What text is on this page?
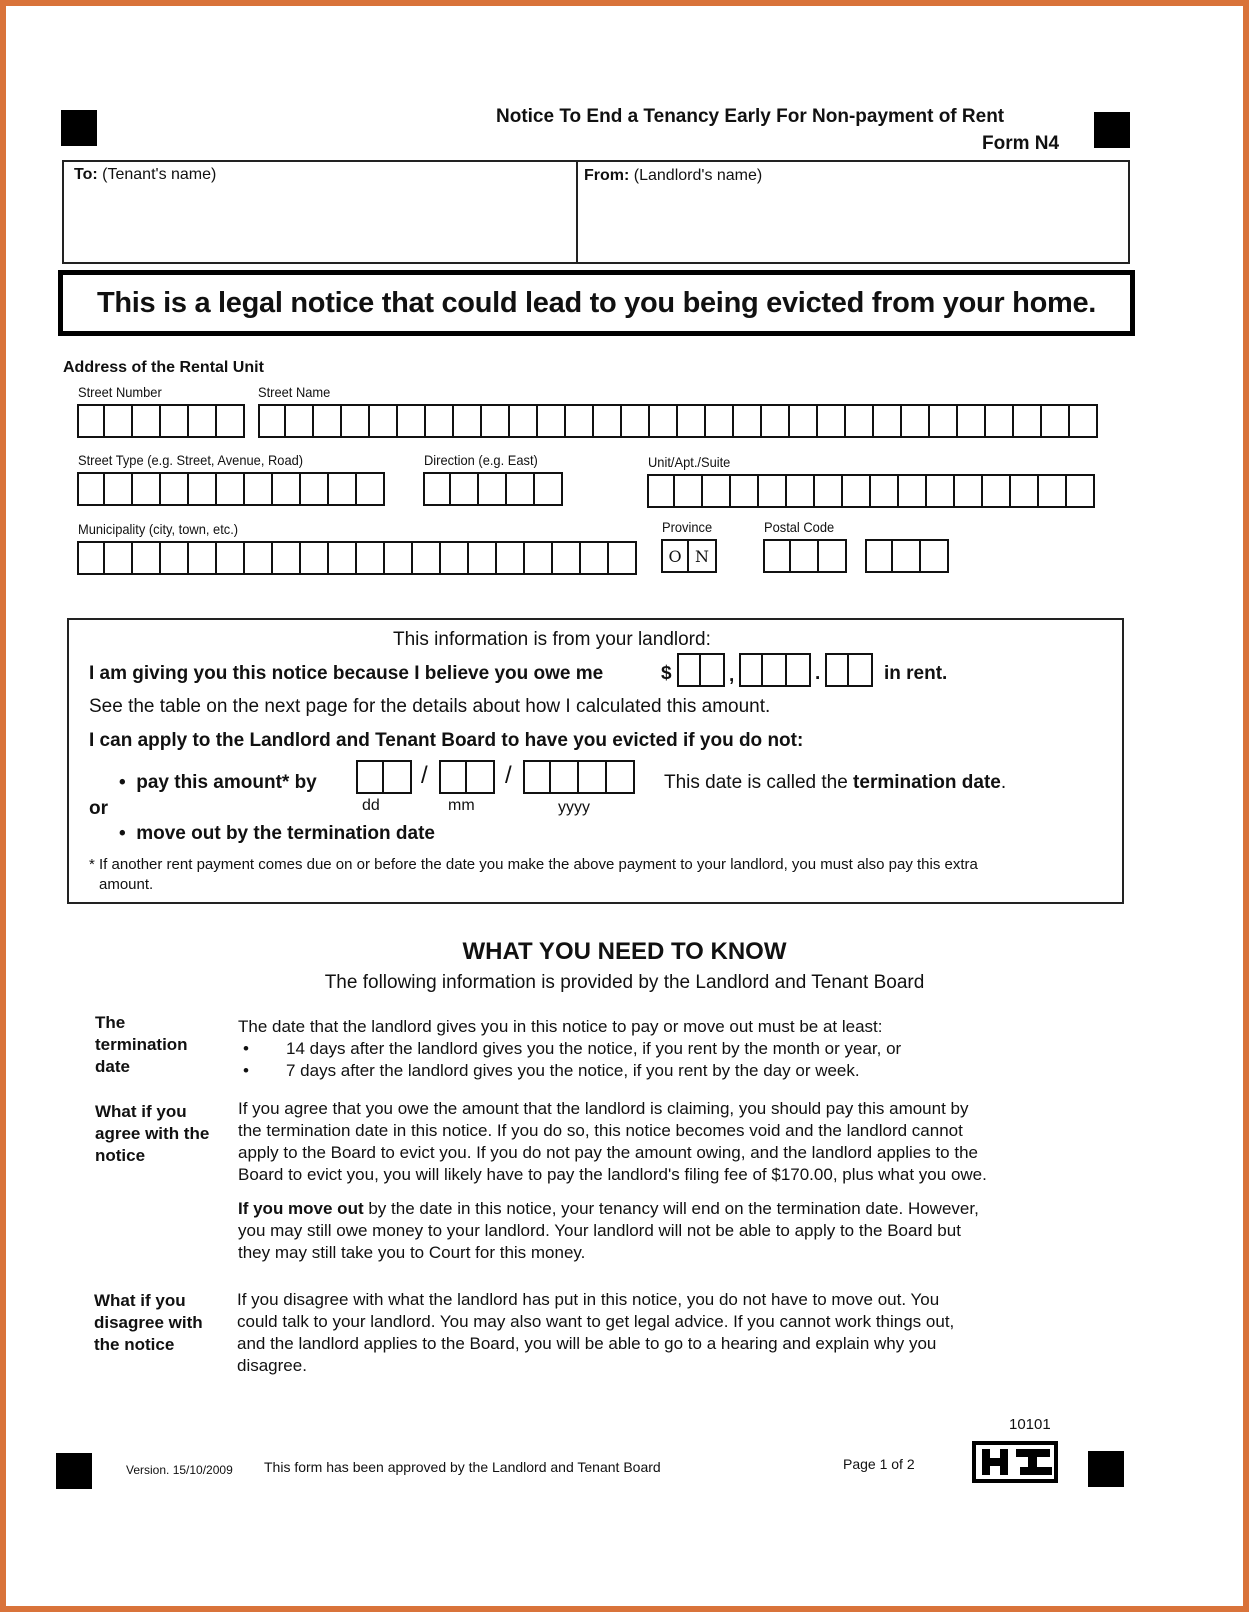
Notice To End a Tenancy Early For Non-payment of Rent
Form N4
To: (Tenant's name)	From: (Landlord's name)
This is a legal notice that could lead to you being evicted from your home.
Address of the Rental Unit
Street Number	Street Name
Street Type (e.g. Street, Avenue, Road)	Direction (e.g. East)	Unit/Apt./Suite
Municipality (city, town, etc.)	Province
O N
Postal Code
This information is from your landlord:
I am giving you this notice because I believe you owe me	$	,	.	in rent.
See the table on the next page for the details about how I calculated this amount.
I can apply to the Landlord and Tenant Board to have you evicted if you do not:
•  pay this amount* by	/	/
dd	mm	yyyy
This date is called the termination date.
or
•  move out by the termination date
* If another rent payment comes due on or before the date you make the above payment to your landlord, you must also pay this extra
amount.
WHAT YOU NEED TO KNOW
The following information is provided by the Landlord and Tenant Board
The
termination
date
The date that the landlord gives you in this notice to pay or move out must be at least:
•	14 days after the landlord gives you the notice, if you rent by the month or year, or
•	7 days after the landlord gives you the notice, if you rent by the day or week.
What if you
agree with the
notice
If you agree that you owe the amount that the landlord is claiming, you should pay this amount by
the termination date in this notice. If you do so, this notice becomes void and the landlord cannot
apply to the Board to evict you. If you do not pay the amount owing, and the landlord applies to the
Board to evict you, you will likely have to pay the landlord's filing fee of $170.00, plus what you owe.
If you move out by the date in this notice, your tenancy will end on the termination date. However,
you may still owe money to your landlord. Your landlord will not be able to apply to the Board but
they may still take you to Court for this money.
What if you
disagree with
the notice
If you disagree with what the landlord has put in this notice, you do not have to move out. You
could talk to your landlord. You may also want to get legal advice. If you cannot work things out,
and the landlord applies to the Board, you will be able to go to a hearing and explain why you
disagree.
10101
Version. 15/10/2009 This form has been approved by the Landlord and Tenant Board	Page 1 of 2
